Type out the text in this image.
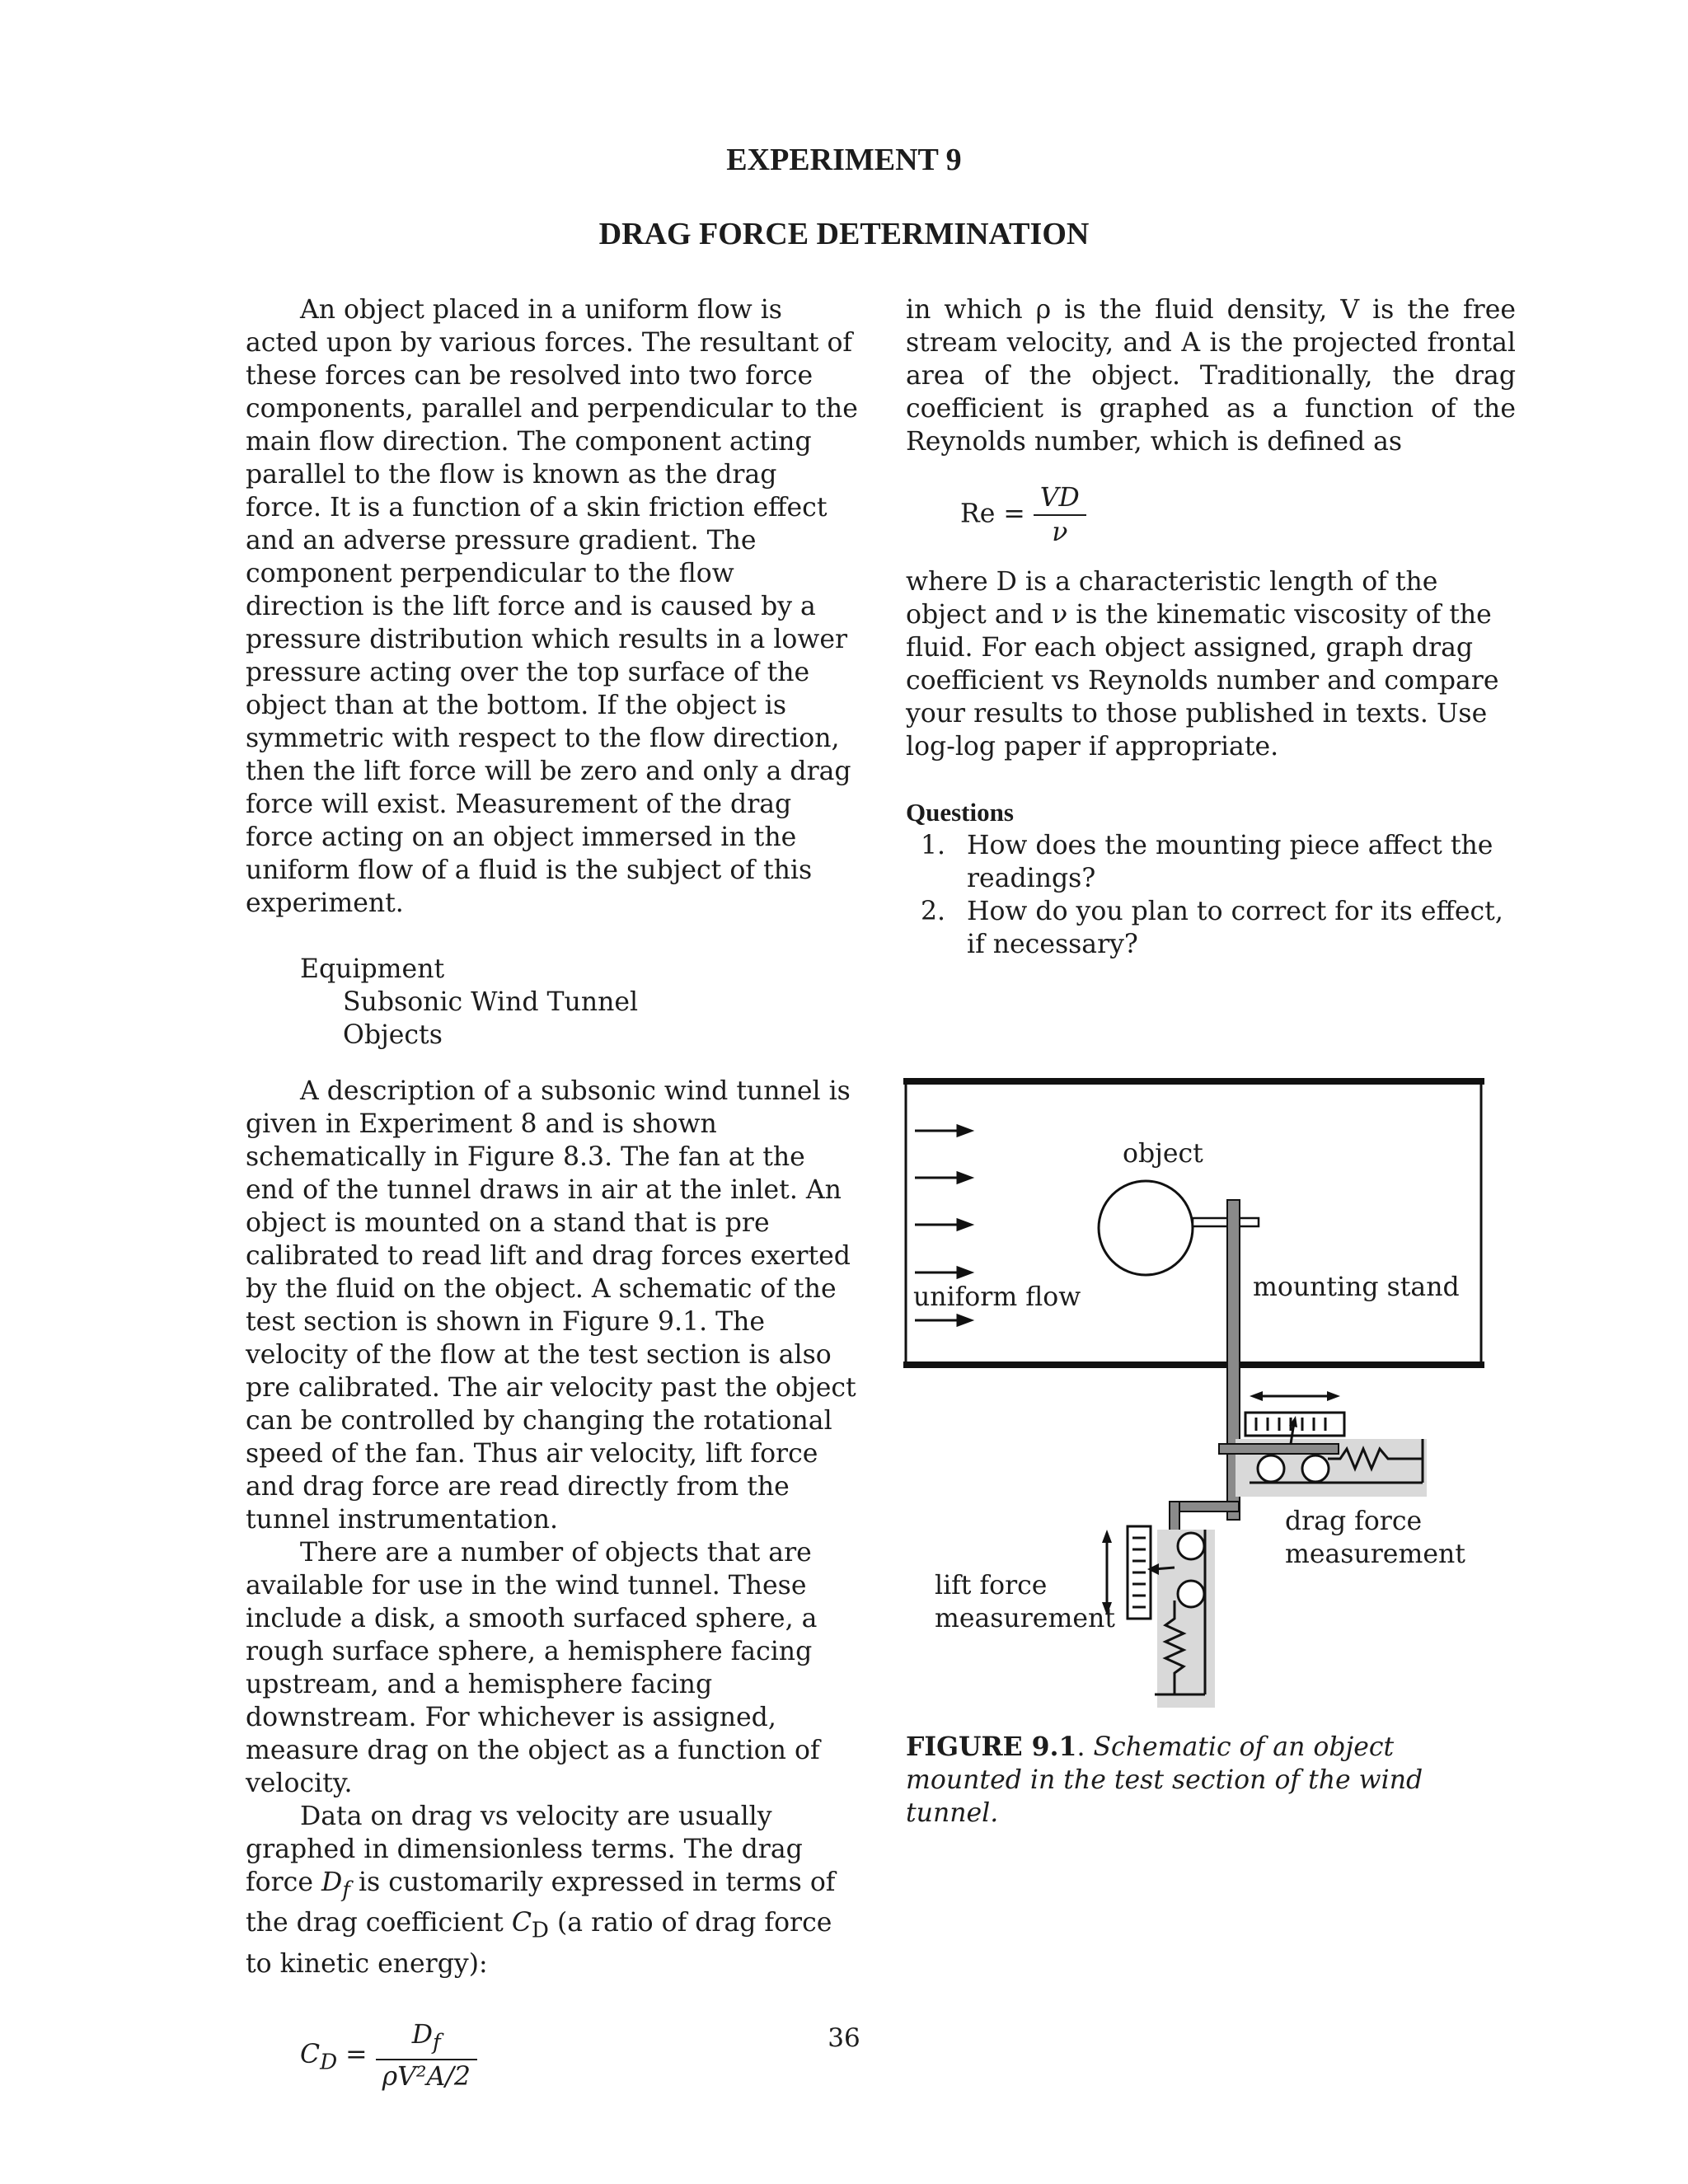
EXPERIMENT 9
DRAG FORCE DETERMINATION

An object placed in a uniform flow is acted upon by various forces. The resultant of these forces can be resolved into two force components, parallel and perpendicular to the main flow direction. The component acting parallel to the flow is known as the drag force. It is a function of a skin friction effect and an adverse pressure gradient. The component perpendicular to the flow direction is the lift force and is caused by a pressure distribution which results in a lower pressure acting over the top surface of the object than at the bottom. If the object is symmetric with respect to the flow direction, then the lift force will be zero and only a drag force will exist. Measurement of the drag force acting on an object immersed in the uniform flow of a fluid is the subject of this experiment.

Equipment
Subsonic Wind Tunnel
Objects

A description of a subsonic wind tunnel is given in Experiment 8 and is shown schematically in Figure 8.3. The fan at the end of the tunnel draws in air at the inlet. An object is mounted on a stand that is pre calibrated to read lift and drag forces exerted by the fluid on the object. A schematic of the test section is shown in Figure 9.1. The velocity of the flow at the test section is also pre calibrated. The air velocity past the object can be controlled by changing the rotational speed of the fan. Thus air velocity, lift force and drag force are read directly from the tunnel instrumentation.

There are a number of objects that are available for use in the wind tunnel. These include a disk, a smooth surfaced sphere, a rough surface sphere, a hemisphere facing upstream, and a hemisphere facing downstream. For whichever is assigned, measure drag on the object as a function of velocity.

Data on drag vs velocity are usually graphed in dimensionless terms. The drag force $D_f$ is customarily expressed in terms of the drag coefficient $C_D$ (a ratio of drag force to kinetic energy):

$C_D = \frac{D_f}{\text{ρV²A/2}}$

in which ρ is the fluid density, V is the free stream velocity, and A is the projected frontal area of the object. Traditionally, the drag coefficient is graphed as a function of the Reynolds number, which is defined as

$Re = \frac{VD}{\nu}$

where D is a characteristic length of the object and ν is the kinematic viscosity of the fluid. For each object assigned, graph drag coefficient vs Reynolds number and compare your results to those published in texts. Use log-log paper if appropriate.

Questions
1. How does the mounting piece affect the readings?
2. How do you plan to correct for its effect, if necessary?
object
uniform flow	mounting stand
drag force
measurement
lift force
measurement
FIGURE 9.1. Schematic of an object mounted in the test section of the wind tunnel.
36
